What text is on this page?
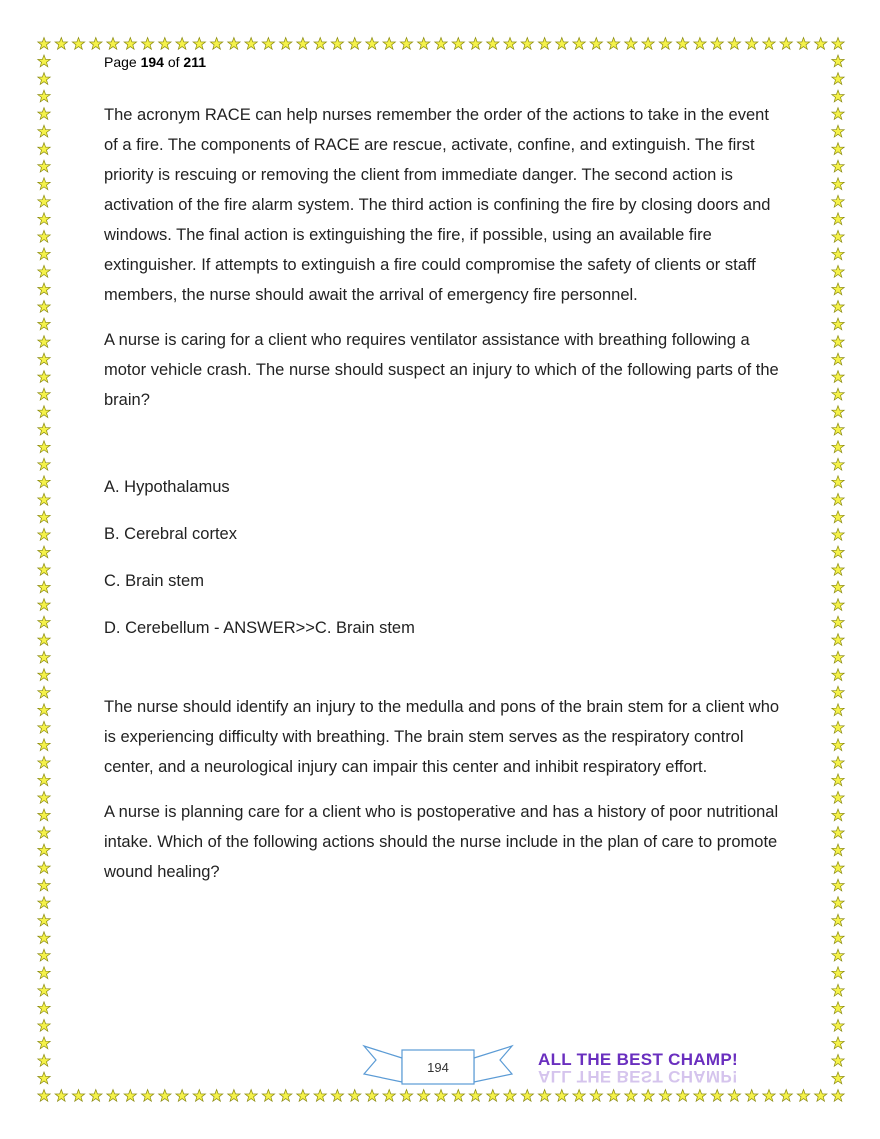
Page 194 of 211

The acronym RACE can help nurses remember the order of the actions to take in the event of a fire. The components of RACE are rescue, activate, confine, and extinguish. The first priority is rescuing or removing the client from immediate danger. The second action is activation of the fire alarm system. The third action is confining the fire by closing doors and windows. The final action is extinguishing the fire, if possible, using an available fire extinguisher. If attempts to extinguish a fire could compromise the safety of clients or staff members, the nurse should await the arrival of emergency fire personnel.

A nurse is caring for a client who requires ventilator assistance with breathing following a motor vehicle crash. The nurse should suspect an injury to which of the following parts of the brain?

A. Hypothalamus

B. Cerebral cortex

C. Brain stem

D. Cerebellum - ANSWER>>C. Brain stem

The nurse should identify an injury to the medulla and pons of the brain stem for a client who is experiencing difficulty with breathing. The brain stem serves as the respiratory control center, and a neurological injury can impair this center and inhibit respiratory effort.

A nurse is planning care for a client who is postoperative and has a history of poor nutritional intake. Which of the following actions should the nurse include in the plan of care to promote wound healing?

194	ALL THE BEST CHAMP!
ALL THE BEST CHAMP!
